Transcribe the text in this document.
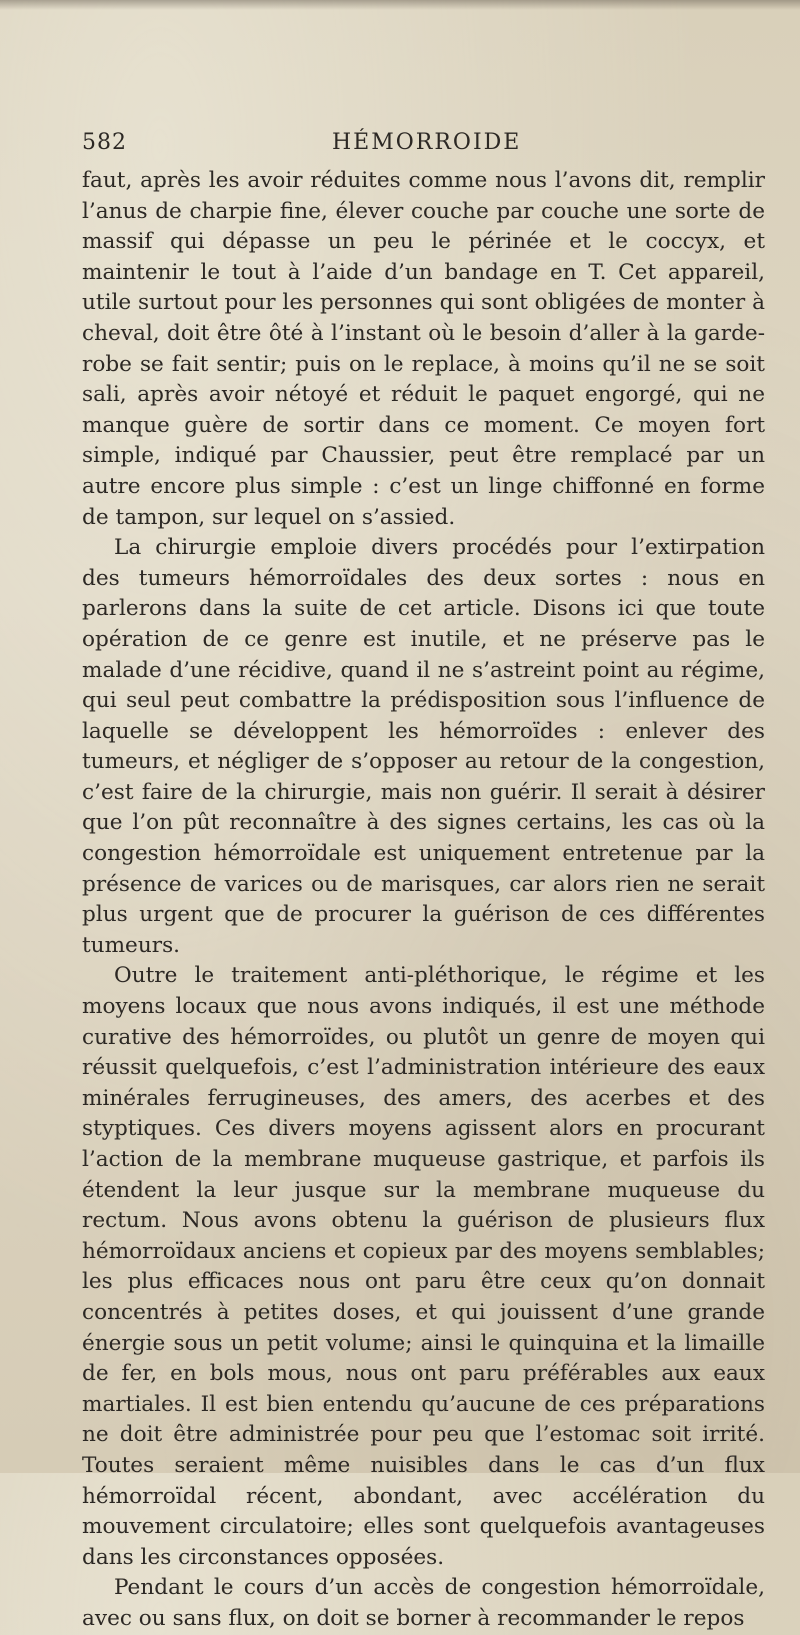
582	HÉMORROIDE

faut, après les avoir réduites comme nous l’avons dit, remplir l’anus de charpie fine, élever couche par couche une sorte de massif qui dépasse un peu le périnée et le coccyx, et maintenir le tout à l’aide d’un bandage en T. Cet appareil, utile surtout pour les personnes qui sont obligées de monter à cheval, doit être ôté à l’instant où le besoin d’aller à la garde-robe se fait sentir; puis on le replace, à moins qu’il ne se soit sali, après avoir nétoyé et réduit le paquet engorgé, qui ne manque guère de sortir dans ce moment. Ce moyen fort simple, indiqué par Chaussier, peut être remplacé par un autre encore plus simple : c’est un linge chiffonné en forme de tampon, sur lequel on s’assied.

La chirurgie emploie divers procédés pour l’extirpation des tumeurs hémorroïdales des deux sortes : nous en parlerons dans la suite de cet article. Disons ici que toute opération de ce genre est inutile, et ne préserve pas le malade d’une récidive, quand il ne s’astreint point au régime, qui seul peut combattre la prédisposition sous l’influence de laquelle se développent les hémorroïdes : enlever des tumeurs, et négliger de s’opposer au retour de la congestion, c’est faire de la chirurgie, mais non guérir. Il serait à désirer que l’on pût reconnaître à des signes certains, les cas où la congestion hémorroïdale est uniquement entretenue par la présence de varices ou de marisques, car alors rien ne serait plus urgent que de procurer la guérison de ces différentes tumeurs.

Outre le traitement anti-pléthorique, le régime et les moyens locaux que nous avons indiqués, il est une méthode curative des hémorroïdes, ou plutôt un genre de moyen qui réussit quelquefois, c’est l’administration intérieure des eaux minérales ferrugineuses, des amers, des acerbes et des styptiques. Ces divers moyens agissent alors en procurant l’action de la membrane muqueuse gastrique, et parfois ils étendent la leur jusque sur la membrane muqueuse du rectum. Nous avons obtenu la guérison de plusieurs flux hémorroïdaux anciens et copieux par des moyens semblables; les plus efficaces nous ont paru être ceux qu’on donnait concentrés à petites doses, et qui jouissent d’une grande énergie sous un petit volume; ainsi le quinquina et la limaille de fer, en bols mous, nous ont paru préférables aux eaux martiales. Il est bien entendu qu’aucune de ces préparations ne doit être administrée pour peu que l’estomac soit irrité. Toutes seraient même nuisibles dans le cas d’un flux hémorroïdal récent, abondant, avec accélération du mouvement circulatoire; elles sont quelquefois avantageuses dans les circonstances opposées.

Pendant le cours d’un accès de congestion hémorroïdale, avec ou sans flux, on doit se borner à recommander le repos
